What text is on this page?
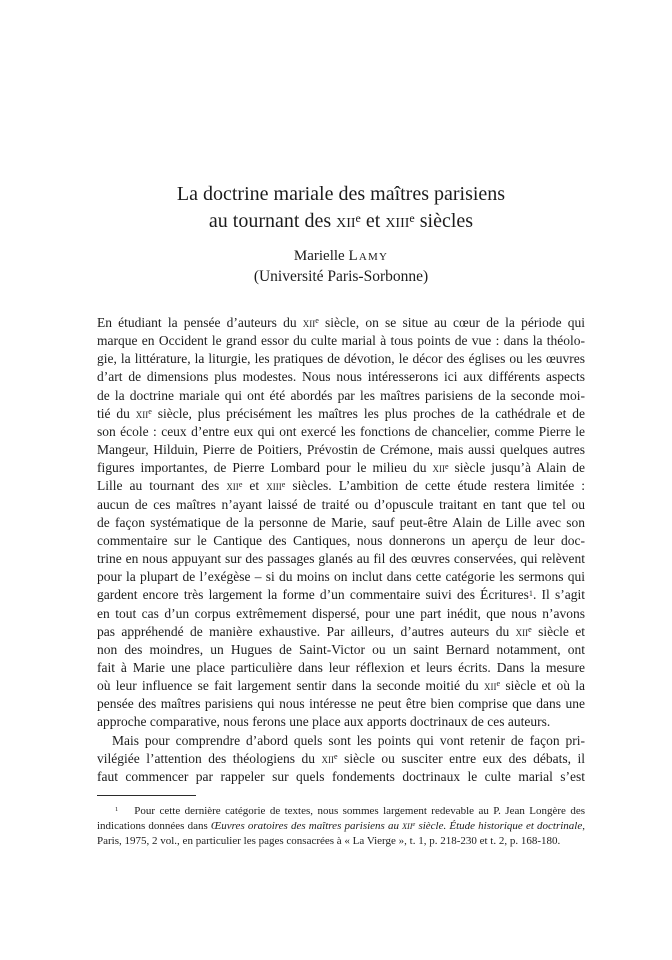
La doctrine mariale des maîtres parisiens
au tournant des xii$^e$ et xiii$^e$ siècles
Marielle Lamy
(Université Paris-Sorbonne)
En étudiant la pensée d’auteurs du xii$^e$ siècle, on se situe au cœur de la période qui
marque en Occident le grand essor du culte marial à tous points de vue : dans la théolo-
gie, la littérature, la liturgie, les pratiques de dévotion, le décor des églises ou les œuvres
d’art de dimensions plus modestes. Nous nous intéresserons ici aux différents aspects
de la doctrine mariale qui ont été abordés par les maîtres parisiens de la seconde moi-
tié du xii$^e$ siècle, plus précisément les maîtres les plus proches de la cathédrale et de
son école : ceux d’entre eux qui ont exercé les fonctions de chancelier, comme Pierre le
Mangeur, Hilduin, Pierre de Poitiers, Prévostin de Crémone, mais aussi quelques autres
figures importantes, de Pierre Lombard pour le milieu du xii$^e$ siècle jusqu’à Alain de
Lille au tournant des xii$^e$ et xiii$^e$ siècles. L’ambition de cette étude restera limitée :
aucun de ces maîtres n’ayant laissé de traité ou d’opuscule traitant en tant que tel ou
de façon systématique de la personne de Marie, sauf peut-être Alain de Lille avec son
commentaire sur le Cantique des Cantiques, nous donnerons un aperçu de leur doc-
trine en nous appuyant sur des passages glanés au fil des œuvres conservées, qui relèvent
pour la plupart de l’exégèse – si du moins on inclut dans cette catégorie les sermons qui
gardent encore très largement la forme d’un commentaire suivi des Écritures$^1$. Il s’agit
en tout cas d’un corpus extrêmement dispersé, pour une part inédit, que nous n’avons
pas appréhendé de manière exhaustive. Par ailleurs, d’autres auteurs du xii$^e$ siècle et
non des moindres, un Hugues de Saint-Victor ou un saint Bernard notamment, ont
fait à Marie une place particulière dans leur réflexion et leurs écrits. Dans la mesure
où leur influence se fait largement sentir dans la seconde moitié du xii$^e$ siècle et où la
pensée des maîtres parisiens qui nous intéresse ne peut être bien comprise que dans une
approche comparative, nous ferons une place aux apports doctrinaux de ces auteurs.
Mais pour comprendre d’abord quels sont les points qui vont retenir de façon pri-
vilégiée l’attention des théologiens du xii$^e$ siècle ou susciter entre eux des débats, il
faut commencer par rappeler sur quels fondements doctrinaux le culte marial s’est
$^1$ Pour cette dernière catégorie de textes, nous sommes largement redevable au P. Jean Longère des
indications données dans Œuvres oratoires des maîtres parisiens au xii$^e$ siècle. Étude historique et doctrinale,
Paris, 1975, 2 vol., en particulier les pages consacrées à « La Vierge », t. 1, p. 218-230 et t. 2, p. 168-180.
